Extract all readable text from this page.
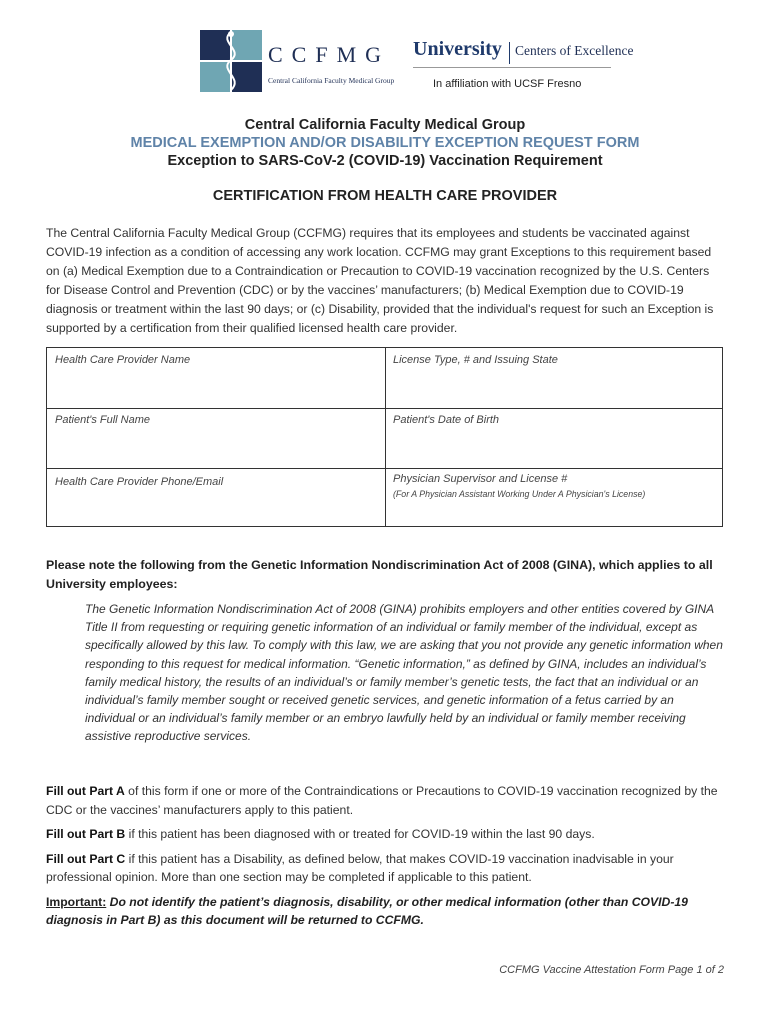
CCFMG
Central California Faculty Medical Group
University Centers of Excellence
In affiliation with UCSF Fresno
Central California Faculty Medical Group
MEDICAL EXEMPTION AND/OR DISABILITY EXCEPTION REQUEST FORM
Exception to SARS-CoV-2 (COVID-19) Vaccination Requirement
CERTIFICATION FROM HEALTH CARE PROVIDER
The Central California Faculty Medical Group (CCFMG) requires that its employees and students be vaccinated against COVID-19 infection as a condition of accessing any work location. CCFMG may grant Exceptions to this requirement based on (a) Medical Exemption due to a Contraindication or Precaution to COVID-19 vaccination recognized by the U.S. Centers for Disease Control and Prevention (CDC) or by the vaccines’ manufacturers; (b) Medical Exemption due to COVID-19 diagnosis or treatment within the last 90 days; or (c) Disability, provided that the individual's request for such an Exception is supported by a certification from their qualified licensed health care provider.
Health Care Provider Name	License Type, # and Issuing State
Patient's Full Name	Patient's Date of Birth
Health Care Provider Phone/Email	Physician Supervisor and License #
(For A Physician Assistant Working Under A Physician's License)
Please note the following from the Genetic Information Nondiscrimination Act of 2008 (GINA), which applies to all University employees:
The Genetic Information Nondiscrimination Act of 2008 (GINA) prohibits employers and other entities covered by GINA Title II from requesting or requiring genetic information of an individual or family member of the individual, except as specifically allowed by this law. To comply with this law, we are asking that you not provide any genetic information when responding to this request for medical information. “Genetic information,” as defined by GINA, includes an individual’s family medical history, the results of an individual’s or family member’s genetic tests, the fact that an individual or an individual’s family member sought or received genetic services, and genetic information of a fetus carried by an individual or an individual’s family member or an embryo lawfully held by an individual or family member receiving assistive reproductive services.

Fill out Part A of this form if one or more of the Contraindications or Precautions to COVID-19 vaccination recognized by the CDC or the vaccines’ manufacturers apply to this patient.

Fill out Part B if this patient has been diagnosed with or treated for COVID-19 within the last 90 days.

Fill out Part C if this patient has a Disability, as defined below, that makes COVID-19 vaccination inadvisable in your professional opinion. More than one section may be completed if applicable to this patient.

Important: Do not identify the patient’s diagnosis, disability, or other medical information (other than COVID-19 diagnosis in Part B) as this document will be returned to CCFMG.

CCFMG Vaccine Attestation Form Page 1 of 2
